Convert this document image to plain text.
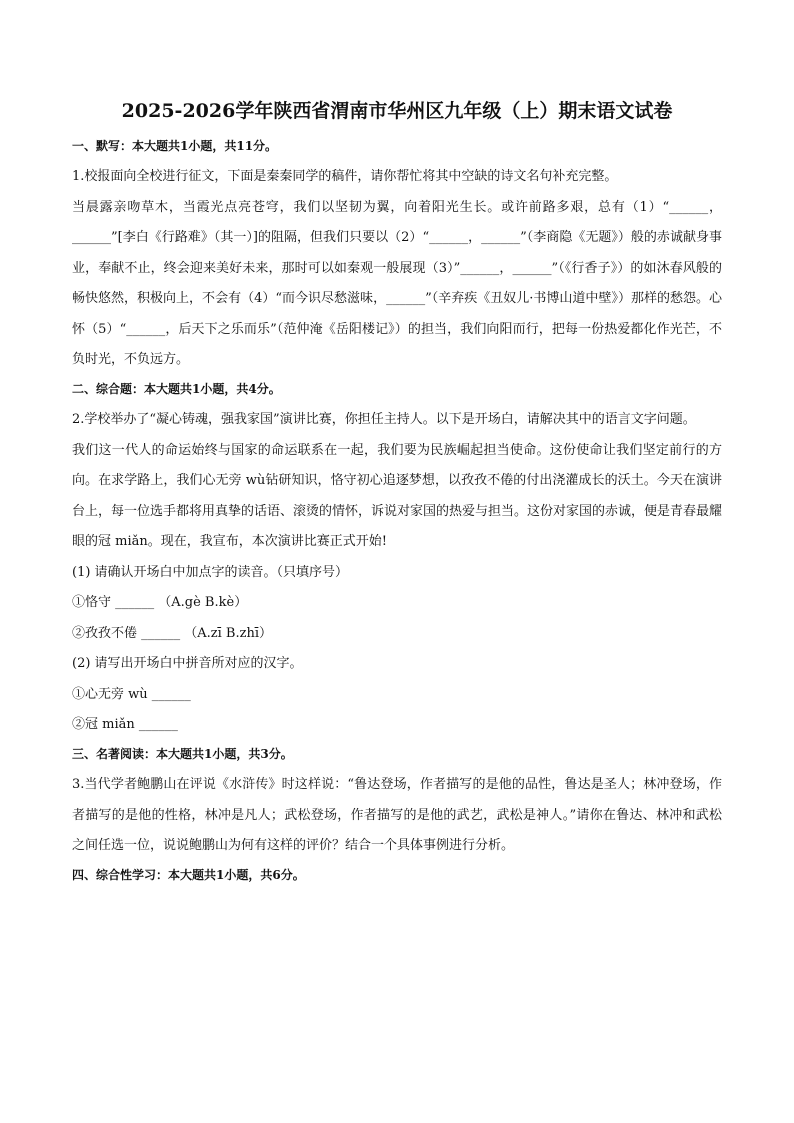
2025-2026学年陕西省渭南市华州区九年级（上）期末语文试卷
一、默写：本大题共1小题，共11分。

1.校报面向全校进行征文，下面是秦秦同学的稿件，请你帮忙将其中空缺的诗文名句补充完整。

当晨露亲吻草木，当霞光点亮苍穹，我们以坚韧为翼，向着阳光生长。或许前路多艰，总有（1）“______，______”[李白《行路难》（其一）]的阻隔，但我们只要以（2）“______，______”（李商隐《无题》）般的赤诚献身事业，奉献不止，终会迎来美好未来，那时可以如秦观一般展现（3）”______，______”（《行香子》）的如沐春风般的畅快悠然，积极向上，不会有（4）“而今识尽愁滋味，______”（辛弃疾《丑奴儿·书博山道中壁》）那样的愁怨。心怀（5）“______，后天下之乐而乐”（范仲淹《岳阳楼记》）的担当，我们向阳而行，把每一份热爱都化作光芒，不负时光，不负远方。

二、综合题：本大题共1小题，共4分。

2.学校举办了“凝心铸魂，强我家国”演讲比赛，你担任主持人。以下是开场白，请解决其中的语言文字问题。

我们这一代人的命运始终与国家的命运联系在一起，我们要为民族崛起担当使命。这份使命让我们坚定前行的方向。在求学路上，我们心无旁 wù钻研知识，恪守初心追逐梦想，以孜孜不倦的付出浇灌成长的沃土。今天在演讲台上，每一位选手都将用真挚的话语、滚烫的情怀，诉说对家国的热爱与担当。这份对家国的赤诚，便是青春最耀眼的冠 miǎn。现在，我宣布，本次演讲比赛正式开始!

(1) 请确认开场白中加点字的读音。（只填序号）

①恪守 ______ （A.gè B.kè）

②孜孜不倦 ______ （A.zī B.zhī）

(2) 请写出开场白中拼音所对应的汉字。

①心无旁 wù ______

②冠 miǎn ______

三、名著阅读：本大题共1小题，共3分。

3.当代学者鲍鹏山在评说《水浒传》时这样说：“鲁达登场，作者描写的是他的品性，鲁达是圣人；林冲登场，作者描写的是他的性格，林冲是凡人；武松登场，作者描写的是他的武艺，武松是神人。”请你在鲁达、林冲和武松之间任选一位，说说鲍鹏山为何有这样的评价？结合一个具体事例进行分析。

四、综合性学习：本大题共1小题，共6分。
